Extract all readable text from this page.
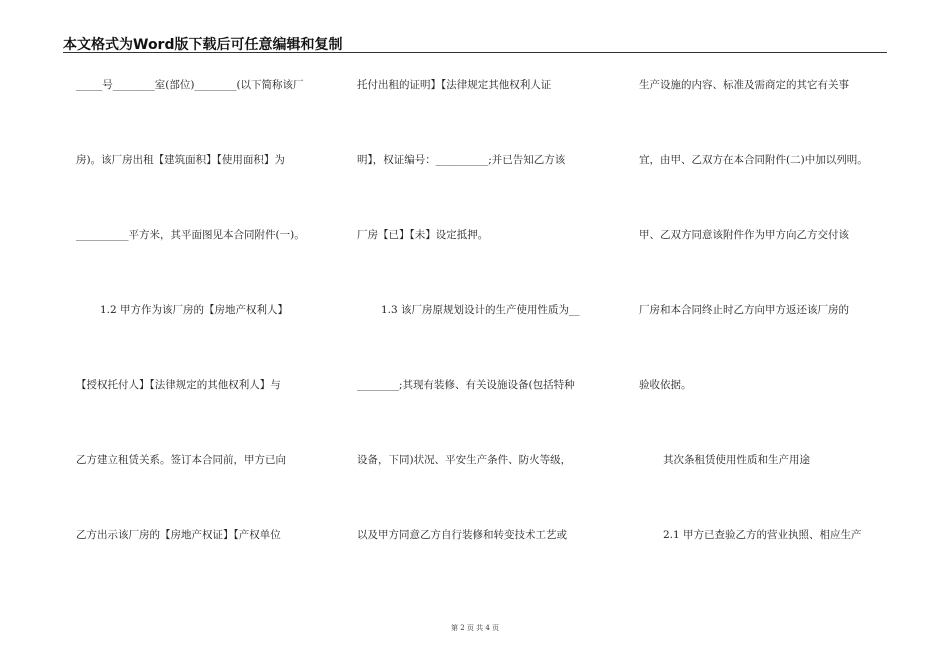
本文格式为Word版下载后可任意编辑和复制
_____号________室(部位)________(以下简称该厂
房)。该厂房出租【建筑面积】【使用面积】为
__________平方米，其平面图见本合同附件(一)。
1.2 甲方作为该厂房的【房地产权利人】
【授权托付人】【法律规定的其他权利人】与
乙方建立租赁关系。签订本合同前，甲方已向
乙方出示该厂房的【房地产权证】【产权单位
托付出租的证明】【法律规定其他权利人证
明】，权证编号：__________;并已告知乙方该
厂房【已】【未】设定抵押。
1.3 该厂房原规划设计的生产使用性质为__
________;其现有装修、有关设施设备(包括特种
设备，下同)状况、平安生产条件、防火等级，
以及甲方同意乙方自行装修和转变技术工艺或
生产设施的内容、标准及需商定的其它有关事
宜，由甲、乙双方在本合同附件(二)中加以列明。
甲、乙双方同意该附件作为甲方向乙方交付该
厂房和本合同终止时乙方向甲方返还该厂房的
验收依据。
其次条租赁使用性质和生产用途
2.1 甲方已查验乙方的营业执照、相应生产
第 2 页 共 4 页
